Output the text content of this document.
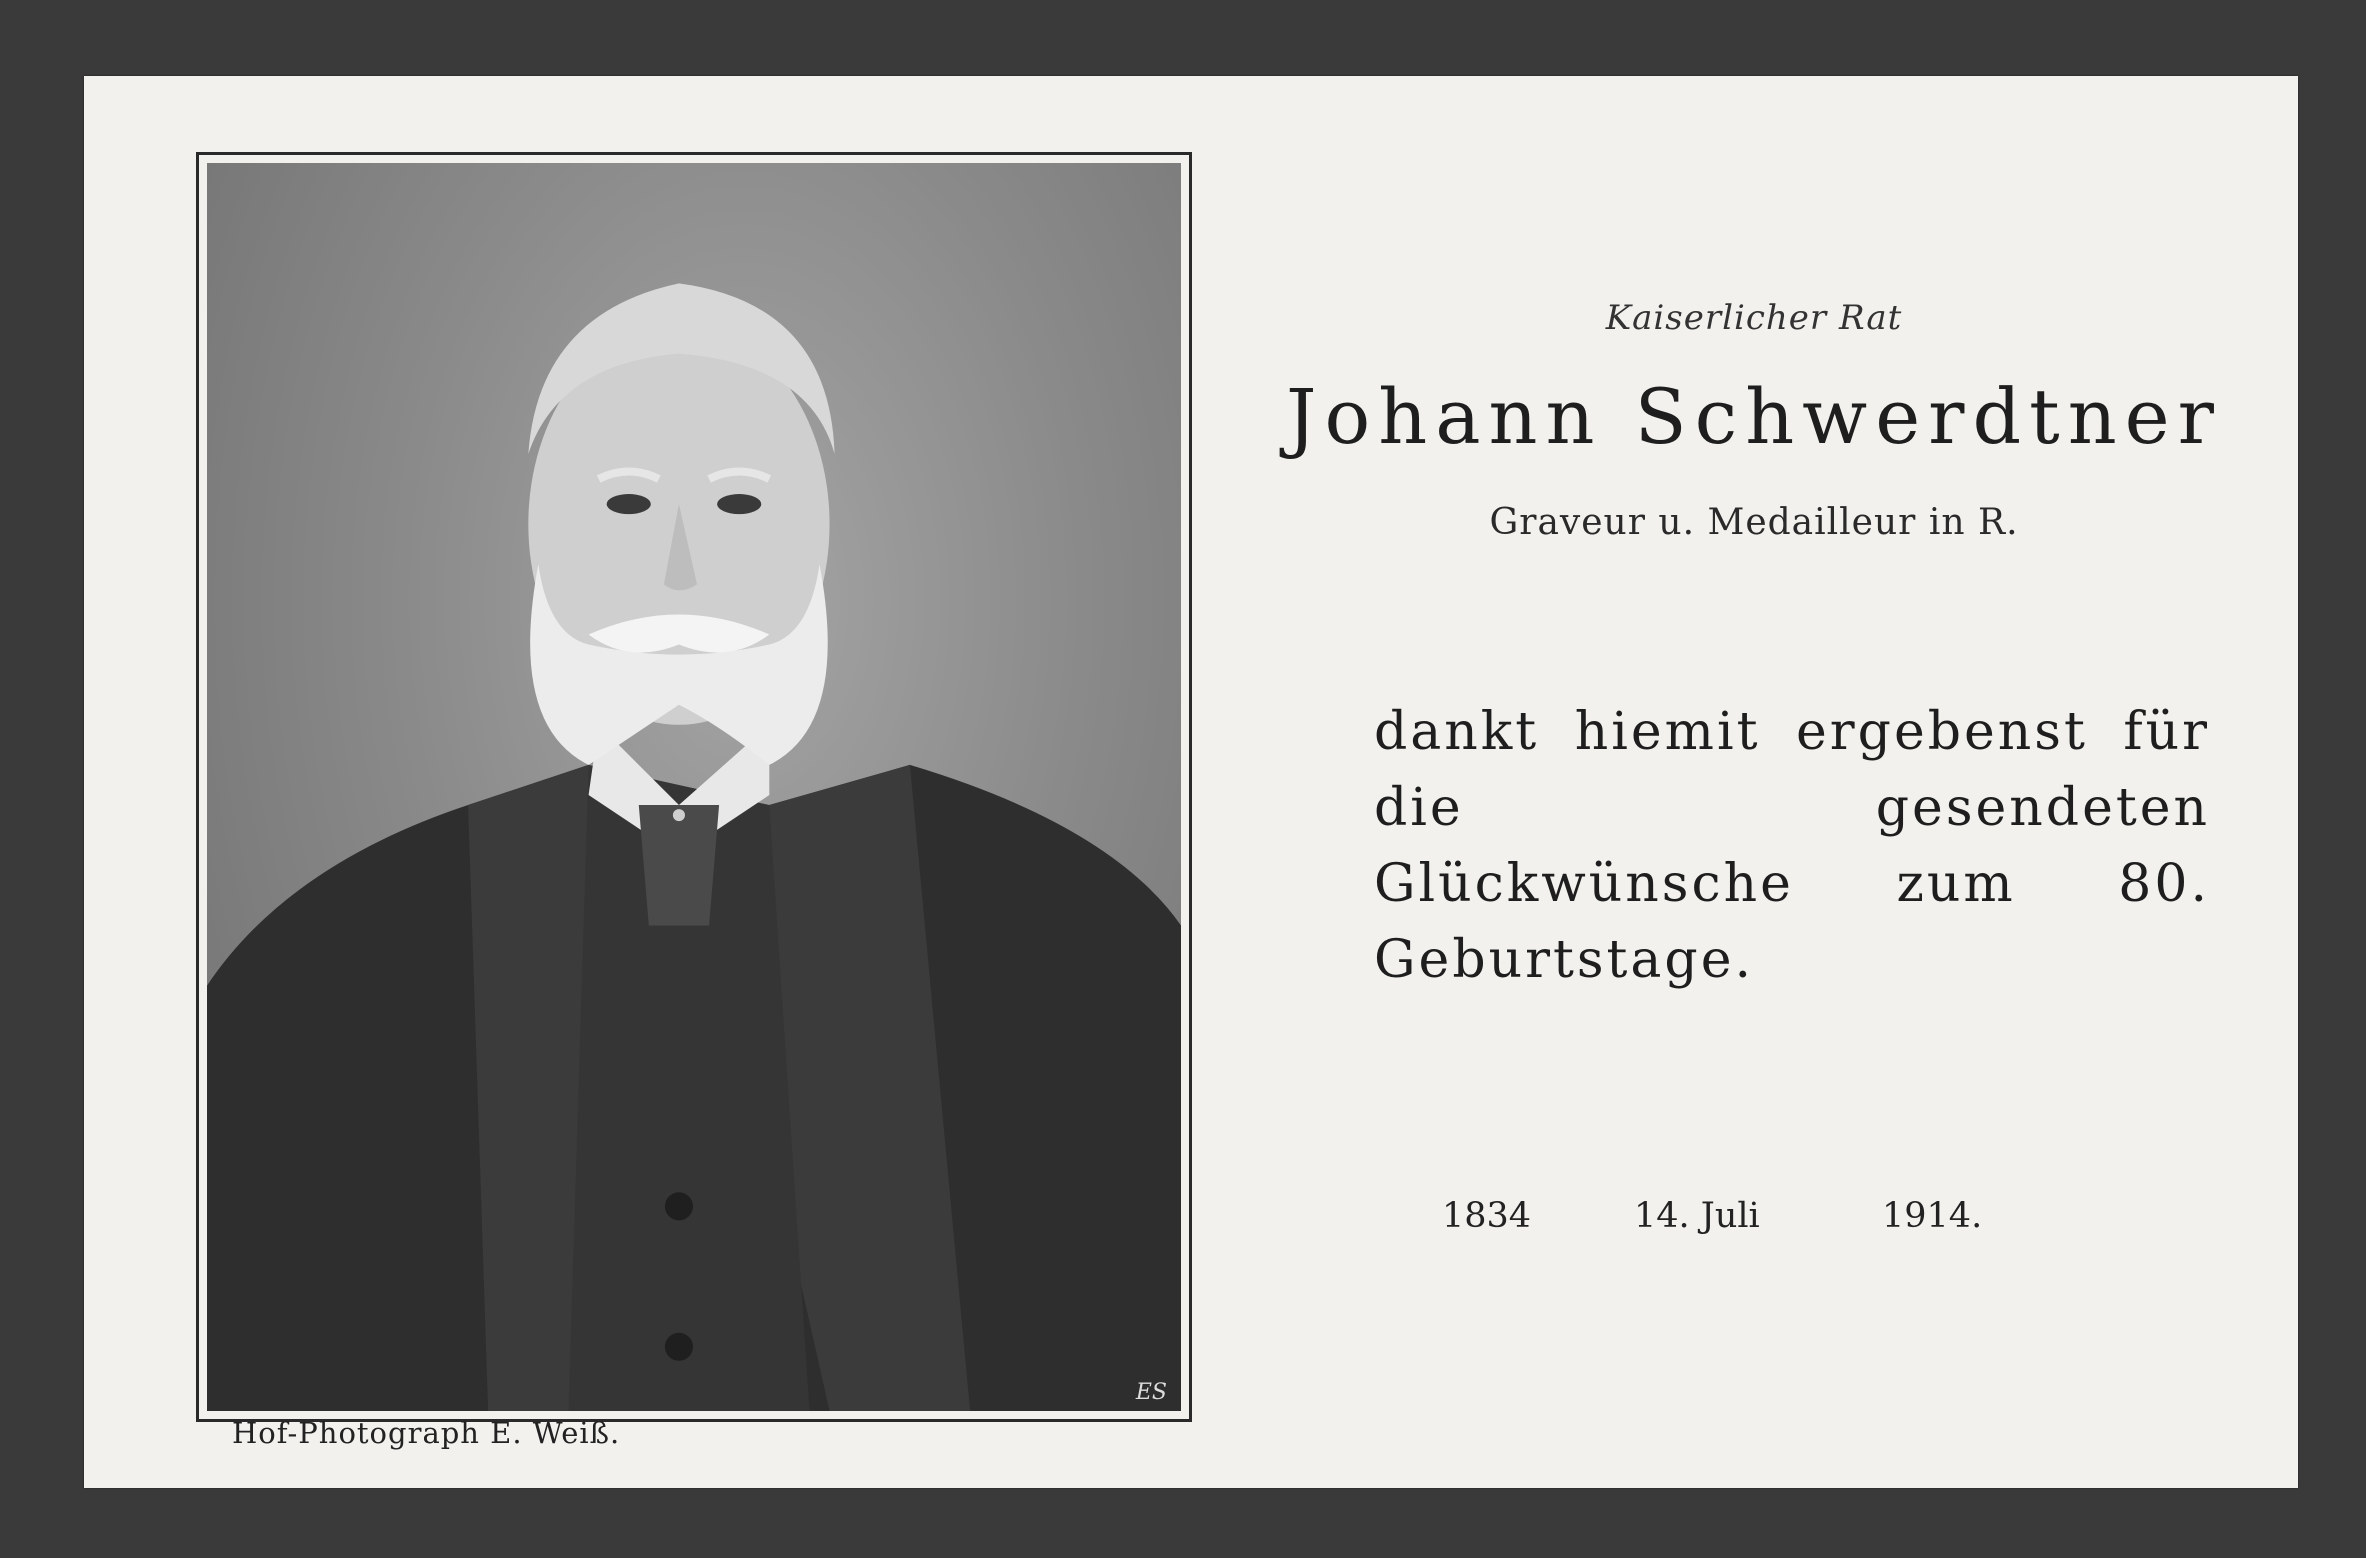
ES
Hof-Photograph E. Weiß.
Kaiserlicher Rat
Johann Schwerdtner
Graveur u. Medailleur in R.
dankt hiemit ergebenst für die gesendeten Glückwünsche zum 80. Geburtstage.
1834	14. Juli	1914.
